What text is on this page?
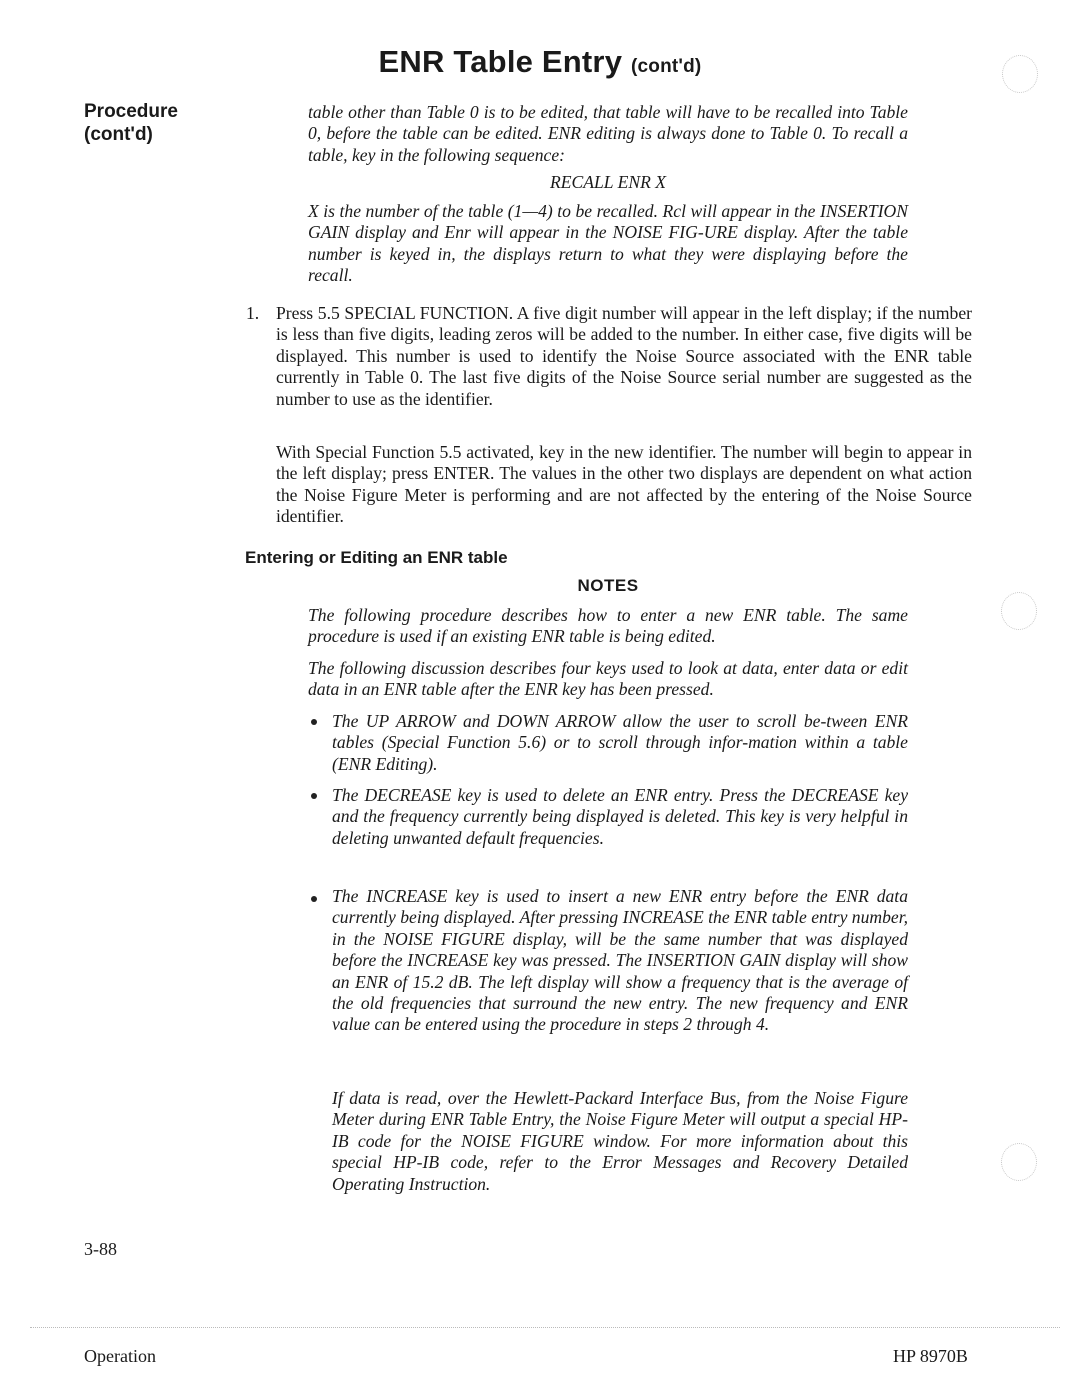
ENR Table Entry (cont'd)
Procedure
(cont'd)
table other than Table 0 is to be edited, that table will have to be recalled into Table 0, before the table can be edited. ENR editing is always done to Table 0. To recall a table, key in the following sequence:
RECALL ENR X
X is the number of the table (1—4) to be recalled. Rcl will appear in the INSERTION GAIN display and Enr will appear in the NOISE FIG-URE display. After the table number is keyed in, the displays return to what they were displaying before the recall.
1. Press 5.5 SPECIAL FUNCTION. A five digit number will appear in the left display; if the number is less than five digits, leading zeros will be added to the number. In either case, five digits will be displayed. This number is used to identify the Noise Source associated with the ENR table currently in Table 0. The last five digits of the Noise Source serial number are suggested as the number to use as the identifier.
With Special Function 5.5 activated, key in the new identifier. The number will begin to appear in the left display; press ENTER. The values in the other two displays are dependent on what action the Noise Figure Meter is performing and are not affected by the entering of the Noise Source identifier.
Entering or Editing an ENR table
NOTES
The following procedure describes how to enter a new ENR table. The same procedure is used if an existing ENR table is being edited.
The following discussion describes four keys used to look at data, enter data or edit data in an ENR table after the ENR key has been pressed.
The UP ARROW and DOWN ARROW allow the user to scroll be-tween ENR tables (Special Function 5.6) or to scroll through infor-mation within a table (ENR Editing).
The DECREASE key is used to delete an ENR entry. Press the DECREASE key and the frequency currently being displayed is deleted. This key is very helpful in deleting unwanted default frequencies.
The INCREASE key is used to insert a new ENR entry before the ENR data currently being displayed. After pressing INCREASE the ENR table entry number, in the NOISE FIGURE display, will be the same number that was displayed before the INCREASE key was pressed. The INSERTION GAIN display will show an ENR of 15.2 dB. The left display will show a frequency that is the average of the old frequencies that surround the new entry. The new frequency and ENR value can be entered using the procedure in steps 2 through 4.
If data is read, over the Hewlett-Packard Interface Bus, from the Noise Figure Meter during ENR Table Entry, the Noise Figure Meter will output a special HP-IB code for the NOISE FIGURE window. For more information about this special HP-IB code, refer to the Error Messages and Recovery Detailed Operating Instruction.
3-88
Operation	HP 8970B
